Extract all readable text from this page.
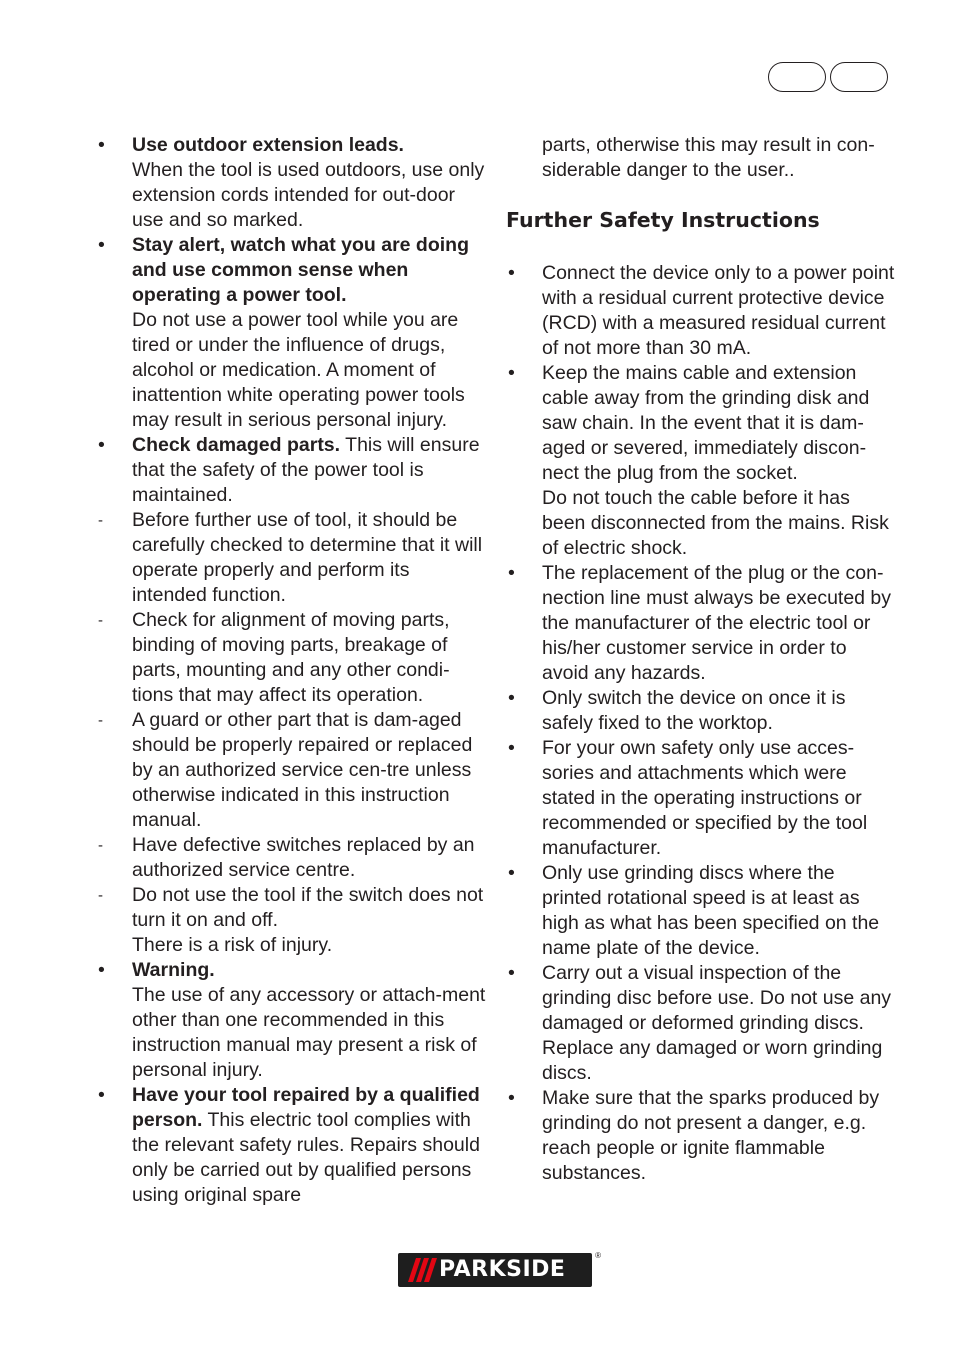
•	Use outdoor extension leads.
When the tool is used outdoors, use only extension cords intended for out-door use and so marked.
•	Stay alert, watch what you are doing and use common sense when operating a power tool.
Do not use a power tool while you are tired or under the influence of drugs, alcohol or medication. A moment of inattention white operating power tools may result in serious personal injury.
•	Check damaged parts. This will ensure that the safety of the power tool is maintained.
-	Before further use of tool, it should be carefully checked to determine that it will operate properly and perform its intended function.
-	Check for alignment of moving parts, binding of moving parts, breakage of parts, mounting and any other condi-tions that may affect its operation.
-	A guard or other part that is dam-aged should be properly repaired or replaced by an authorized service cen-tre unless otherwise indicated in this instruction manual.
-	Have defective switches replaced by an authorized service centre.
-	Do not use the tool if the switch does not turn it on and off.
There is a risk of injury.
•	Warning.
The use of any accessory or attach-ment other than one recommended in this instruction manual may present a risk of personal injury.
•	Have your tool repaired by a qualified person. This electric tool complies with the relevant safety rules. Repairs should only be carried out by qualified persons using original spare
parts, otherwise this may result in con-siderable danger to the user..
Further Safety Instructions
•	Connect the device only to a power point with a residual current protective device (RCD) with a measured residual current of not more than 30 mA.
•	Keep the mains cable and extension cable away from the grinding disk and saw chain. In the event that it is dam-aged or severed, immediately discon-nect the plug from the socket.
Do not touch the cable before it has been disconnected from the mains. Risk of electric shock.
•	The replacement of the plug or the con-nection line must always be executed by the manufacturer of the electric tool or his/her customer service in order to avoid any hazards.
•	Only switch the device on once it is safely fixed to the worktop.
•	For your own safety only use acces-sories and attachments which were stated in the operating instructions or recommended or specified by the tool manufacturer.
•	Only use grinding discs where the printed rotational speed is at least as high as what has been specified on the name plate of the device.
•	Carry out a visual inspection of the grinding disc before use. Do not use any damaged or deformed grinding discs. Replace any damaged or worn grinding discs.
•	Make sure that the sparks produced by grinding do not present a danger, e.g. reach people or ignite flammable substances.
PARKSIDE
®
